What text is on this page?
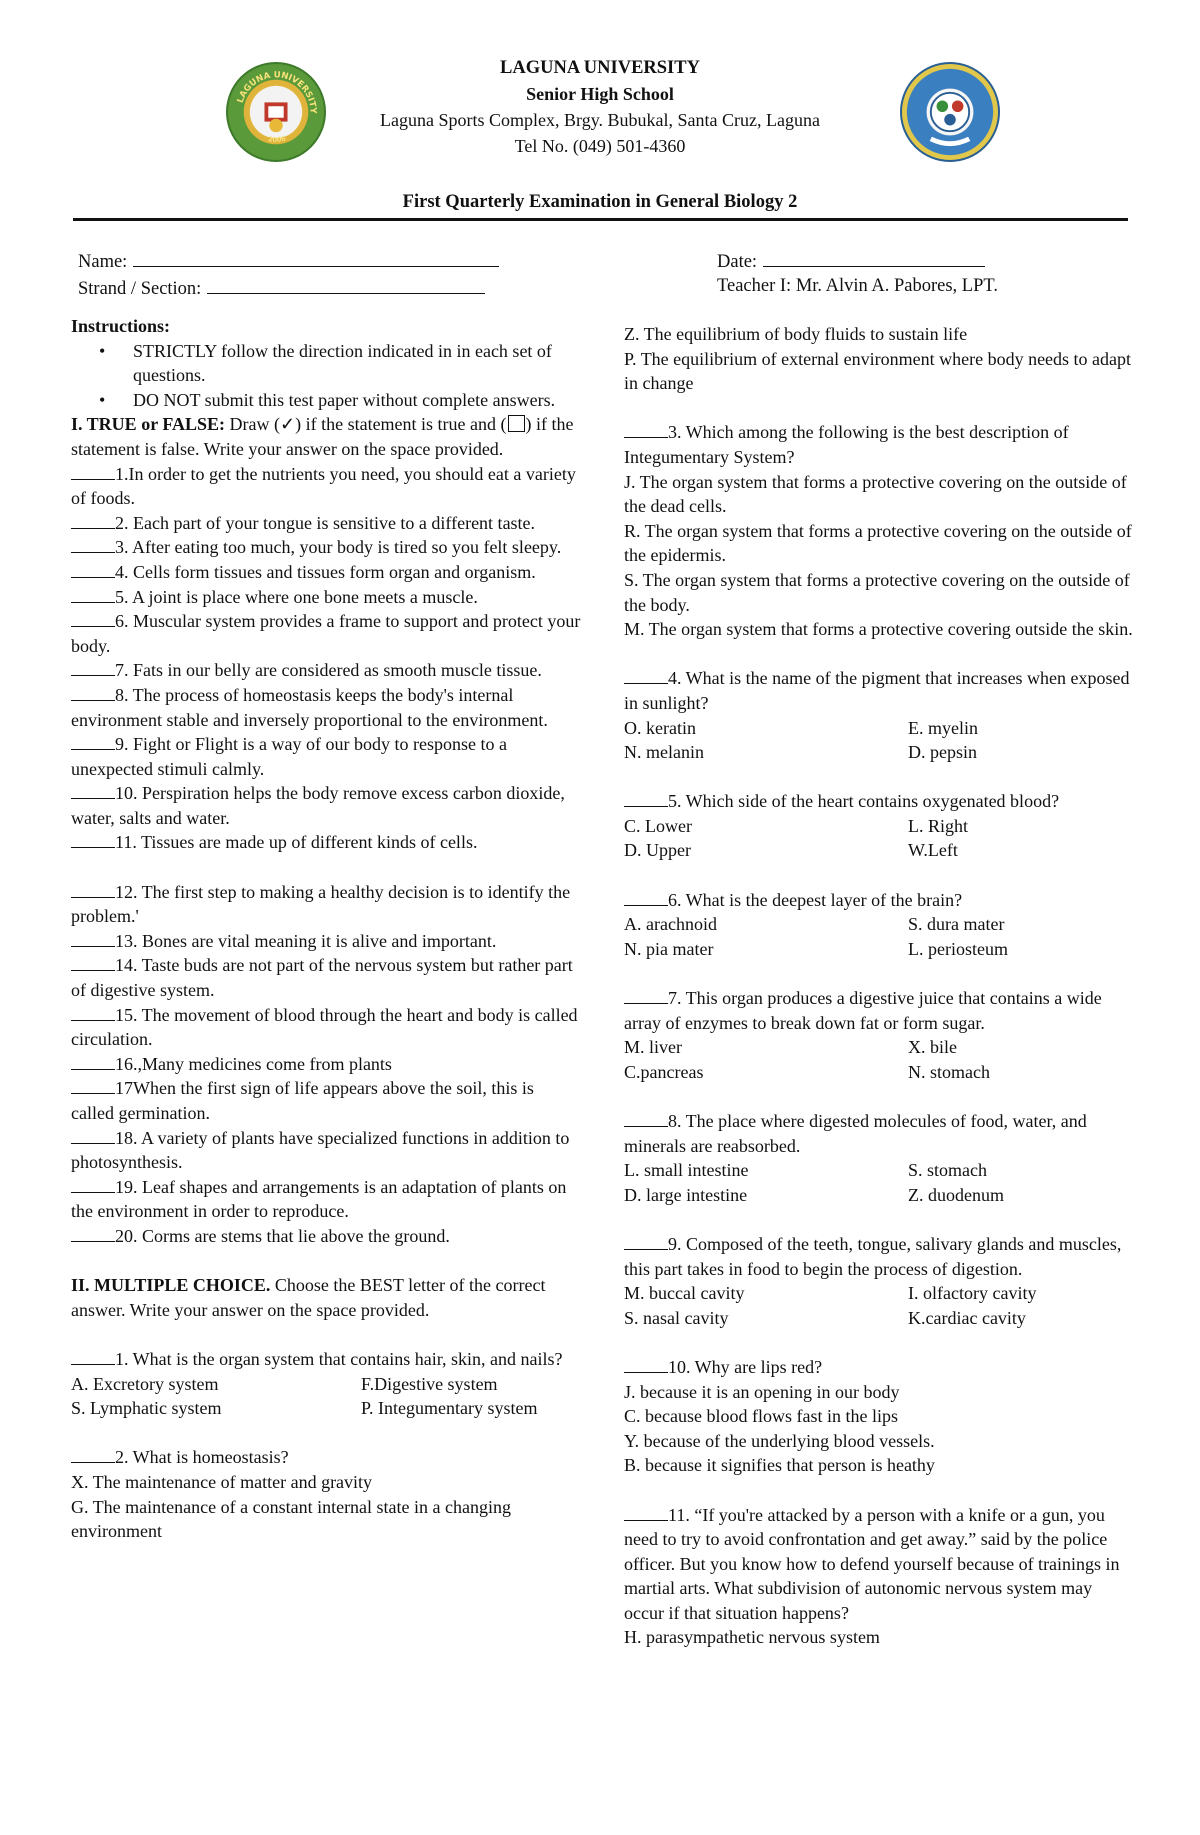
LAGUNA UNIVERSITY
2006
LAGUNA UNIVERSITY
Senior High School
Laguna Sports Complex, Brgy. Bubukal, Santa Cruz, Laguna
Tel No. (049) 501-4360
First Quarterly Examination in General Biology 2
Name:
Strand / Section:
Date:
Teacher I: Mr. Alvin A. Pabores, LPT.

Instructions:

• STRICTLY follow the direction indicated in in each set of questions.
• DO NOT submit this test paper without complete answers.

I. TRUE or FALSE: Draw (✓) if the statement is true and ( ) if the statement is false. Write your answer on the space provided.

1.In order to get the nutrients you need, you should eat a variety of foods.

2. Each part of your tongue is sensitive to a different taste.

3. After eating too much, your body is tired so you felt sleepy.

4. Cells form tissues and tissues form organ and organism.

5. A joint is place where one bone meets a muscle.

6. Muscular system provides a frame to support and protect your body.

7. Fats in our belly are considered as smooth muscle tissue.

8. The process of homeostasis keeps the body's internal environment stable and inversely proportional to the environment.

9. Fight or Flight is a way of our body to response to a unexpected stimuli calmly.

10. Perspiration helps the body remove excess carbon dioxide, water, salts and water.

11. Tissues are made up of different kinds of cells.

12. The first step to making a healthy decision is to identify the problem.'

13. Bones are vital meaning it is alive and important.

14. Taste buds are not part of the nervous system but rather part of digestive system.

15. The movement of blood through the heart and body is called circulation.

16.,Many medicines come from plants

17When the first sign of life appears above the soil, this is called germination.

18. A variety of plants have specialized functions in addition to photosynthesis.

19. Leaf shapes and arrangements is an adaptation of plants on the environment in order to reproduce.

20. Corms are stems that lie above the ground.

II. MULTIPLE CHOICE. Choose the BEST letter of the correct answer. Write your answer on the space provided.

1. What is the organ system that contains hair, skin, and nails?

A. Excretory system	F.Digestive system
S. Lymphatic system	P. Integumentary system

2. What is homeostasis?

X. The maintenance of matter and gravity

G. The maintenance of a constant internal state in a changing environment

Z. The equilibrium of body fluids to sustain life

P. The equilibrium of external environment where body needs to adapt in change

3. Which among the following is the best description of Integumentary System?

J. The organ system that forms a protective covering on the outside of the dead cells.

R. The organ system that forms a protective covering on the outside of the epidermis.

S. The organ system that forms a protective covering on the outside of the body.

M. The organ system that forms a protective covering outside the skin.

4. What is the name of the pigment that increases when exposed in sunlight?

O. keratin	E. myelin
N. melanin	D. pepsin

5. Which side of the heart contains oxygenated blood?

C. Lower	L. Right
D. Upper	W.Left

6. What is the deepest layer of the brain?

A. arachnoid	S. dura mater
N. pia mater	L. periosteum

7. This organ produces a digestive juice that contains a wide array of enzymes to break down fat or form sugar.

M. liver	X. bile
C.pancreas	N. stomach

8. The place where digested molecules of food, water, and minerals are reabsorbed.

L. small intestine	S. stomach
D. large intestine	Z. duodenum

9. Composed of the teeth, tongue, salivary glands and muscles, this part takes in food to begin the process of digestion.

M. buccal cavity	I. olfactory cavity
S. nasal cavity	K.cardiac cavity

10. Why are lips red?

J. because it is an opening in our body

C. because blood flows fast in the lips

Y. because of the underlying blood vessels.

B. because it signifies that person is heathy

11. “If you're attacked by a person with a knife or a gun, you need to try to avoid confrontation and get away.” said by the police officer. But you know how to defend yourself because of trainings in martial arts. What subdivision of autonomic nervous system may occur if that situation happens?

H. parasympathetic nervous system
